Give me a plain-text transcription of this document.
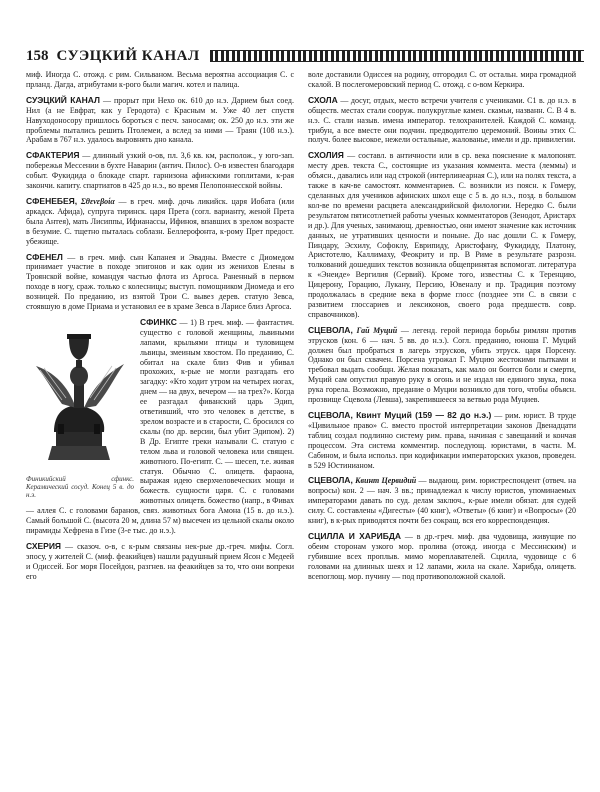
158 СУЭЦКИЙ КАНАЛ

миф. Иногда С. отожд. с рим. Сильваном. Весьма вероятна ассоциация С. с прланд. Дагда, атрибутами к-рого были магич. котел и палица.

СУЭЦКИЙ КАНАЛ — прорыт при Нехо ок. 610 до н.э. Дарием был соед. Нил (а не Евфрат, как у Геродота) с Красным м. Уже 40 лет спустя Навуходоносору пришлось бороться с песч. заносами; ок. 250 до н.э. эти же проблемы пытались решить Птолемеи, а вслед за ними — Траян (108 н.э.). Арабам в 767 н.э. удалось выровнять дно канала.

СФАКТЕРИЯ — длинный узкий о-ов, пл. 3,6 кв. км, располож., у юго-зап. побережья Мессении в бухте Наварин (антич. Пилос). О-в известен благодаря событ. Фукидида о блокаде спарт. гарнизона афинскими гоплитами, к-рая закончи. капиту. спартиатов в 425 до н.э., во время Пелопоннесской войны.

СФЕНЕБЕЯ, Σθενεβοία — в греч. миф. дочь ликийск. царя Иобата (или аркадск. Афида), супруга тиринск. царя Прета (согл. варианту, женой Прета была Антея), мать Лисиппы, Ифианассы, Ифиноя, впавших в зрелом возрасте в безумие. С. тщетно пыталась соблазн. Беллерофонта, к-рому Прет предост. убежище.

СФЕНЕЛ — в греч. миф. сын Капанея и Эвадны. Вместе с Диомедом принимает участие в походе эпигонов и как один из женихов Елены в Троянской войне, командуя частью флота из Аргоса. Раненный в первом походе в ногу, сраж. только с колесницы; выступ. помощником Диомеда и его возницей. По преданию, из взятой Трои С. вывез дерев. статую Зевса, стоявшую в доме Приама и установил ее в храме Зевса в Ларисе близ Аргоса.

Финикийский сфинкс. Керамический сосуд. Конец 5 в. до н.э.
СФИНКС — 1) В греч. миф. — фантастич. существо с головой женщины, львиными лапами, крыльями птицы и туловищем львицы, змеиным хвостом. По преданию, С. обитал на скале близ Фив и убивал прохожих, к-рые не могли разгадать его загадку: «Кто ходит утром на четырех ногах, днем — на двух, вечером — на трех?». Когда ее разгадал фиванский царь Эдип, ответивший, что это человек в детстве, в зрелом возрасте и в старости, С. бросился со скалы (по др. версии, был убит Эдипом). 2) В Др. Египте греки называли С. статую с телом льва и головой человека или священ. животного. По-египт. С. — шесеп, т.е. живая статуя. Обычно С. олицетв. фараона, выражая идею сверхчеловеческих мощи и божеств. сущности царя. С. с головами животных олицетв. божество (напр., в Фивах — аллея С. с головами баранов, связ. животных бога Амона (15 в. до н.э.). Самый большой С. (высота 20 м, длина 57 м) высечен из цельной скалы около пирамиды Хефрена в Гизе (3-е тыс. до н.э.).

СХЕРИЯ — сказоч. о-в, с к-рым связаны нек-рые др.-греч. мифы. Согл. эпосу, у жителей С. (миф. феакийцев) нашли радушный прием Ясон с Медеей и Одиссей. Бог моря Посейдон, разгнев. на феакийцев за то, что они вопреки его

воле доставили Одиссея на родину, отгородил С. от остальн. мира громадной скалой. В послегомеровский период С. отожд. с о-вом Керкира.

СХОЛА — досуг, отдых, место встречи учителя с учениками. С1 в. до н.э. в обществ. местах стали сооруж. полукруглые камен. скамьи, названн. С. В 4 в. н.э. С. стали назыв. имена император. телохранителей. Каждой С. команд. трибун, а все вместе они подчин. предводителю церемоний. Воины этих С. получ. более высокое, нежели остальные, жалованье, имели и др. привилегии.

СХОЛИЯ — составл. в античности или в ср. века пояснение к малопонят. месту древ. текста С., состоящие из указания коммента. места (леммы) и объясн., давались или над строкой (интерлинеарная С.), или на полях текста, а также в кач-ве самостоят. комментариев. С. возникли из поясн. к Гомеру, сделанных для учеников афинских школ еще с 5 в. до н.э., позд. в большом кол-ве по времени расцвета александрийской филологии. Нередко С. были результатом пятисотлетней работы ученых комментаторов (Зенодот, Аристарх и др.). Для ученых, занимающ. древностью, они имеют значение как источник данных, не утративших ценности и поныне. До нас дошли С. к Гомеру, Пиндару, Эсхилу, Софоклу, Еврипиду, Аристофану, Фукидиду, Платону, Аристотелю, Каллимаху, Феокриту и пр. В Риме в результате разрозн. толкований дошедших текстов возникла общепринятая вспомогат. литература к «Энеиде» Вергилия (Сервий). Кроме того, известны С. к Теренцию, Цицерону, Горацию, Лукану, Персию, Ювеналу и пр. Традиция поэтому продолжалась в средние века в форме глосс (позднее эти С. в связи с развитием глоссариев и лексиконов, своего рода предшеств. совр. справочников).

СЦЕВОЛА, Гай Муций — легенд. герой периода борьбы римлян против этрусков (кон. 6 — нач. 5 вв. до н.э.). Согл. преданию, юноша Г. Муций должен был пробраться в лагерь этрусков, убить этруск. царя Порсену. Однако он был схвачен. Порсена угрожал Г. Муцию жестокими пытками и требовал выдать сообщн. Желая показать, как мало он боится боли и смерти, Муций сам опустил правую руку в огонь и не издал ни единого звука, пока рука горела. Возможно, предание о Муции возникло для того, чтобы объясн. прозвище Сцевола (Левша), закрепившееся за ветвью рода Муциев.

СЦЕВОЛА, Квинт Муций (159 — 82 до н.э.) — рим. юрист. В труде «Цивильное право» С. вместо простой интерпретации законов Двенадцати таблиц создал подлинно систему рим. права, начиная с завещаний и кончая процессом. Эта система комментир. последующ. юристами, в частн. М. Сабином, и была использ. при кодификации императорских указов, проведен. в 529 Юстинианом.

СЦЕВОЛА, Квинт Цервидий — выдающ. рим. юристреспондент (отвеч. на вопросы) кон. 2 — нач. 3 вв.; принадлежал к числу юристов, упоминаемых императорами давать по суд. делам заключ., к-рые имели обязат. для судей силу. С. составлены «Дигесты» (40 книг), «Ответы» (6 книг) и «Вопросы» (20 книг), в к-рых приводятся почти без сокращ. вся его корреспонденция.

СЦИЛЛА И ХАРИБДА — в др.-греч. миф. два чудовища, живущие по обеим сторонам узкого мор. пролива (отожд. иногда с Мессинским) и губившие всех проплыв. мимо мореплавателей. Сцилла, чудовище с 6 головами на длинных шеях и 12 лапами, жила на скале. Харибда, олицетв. всепоглощ. мор. пучину — под противоположной скалой.
